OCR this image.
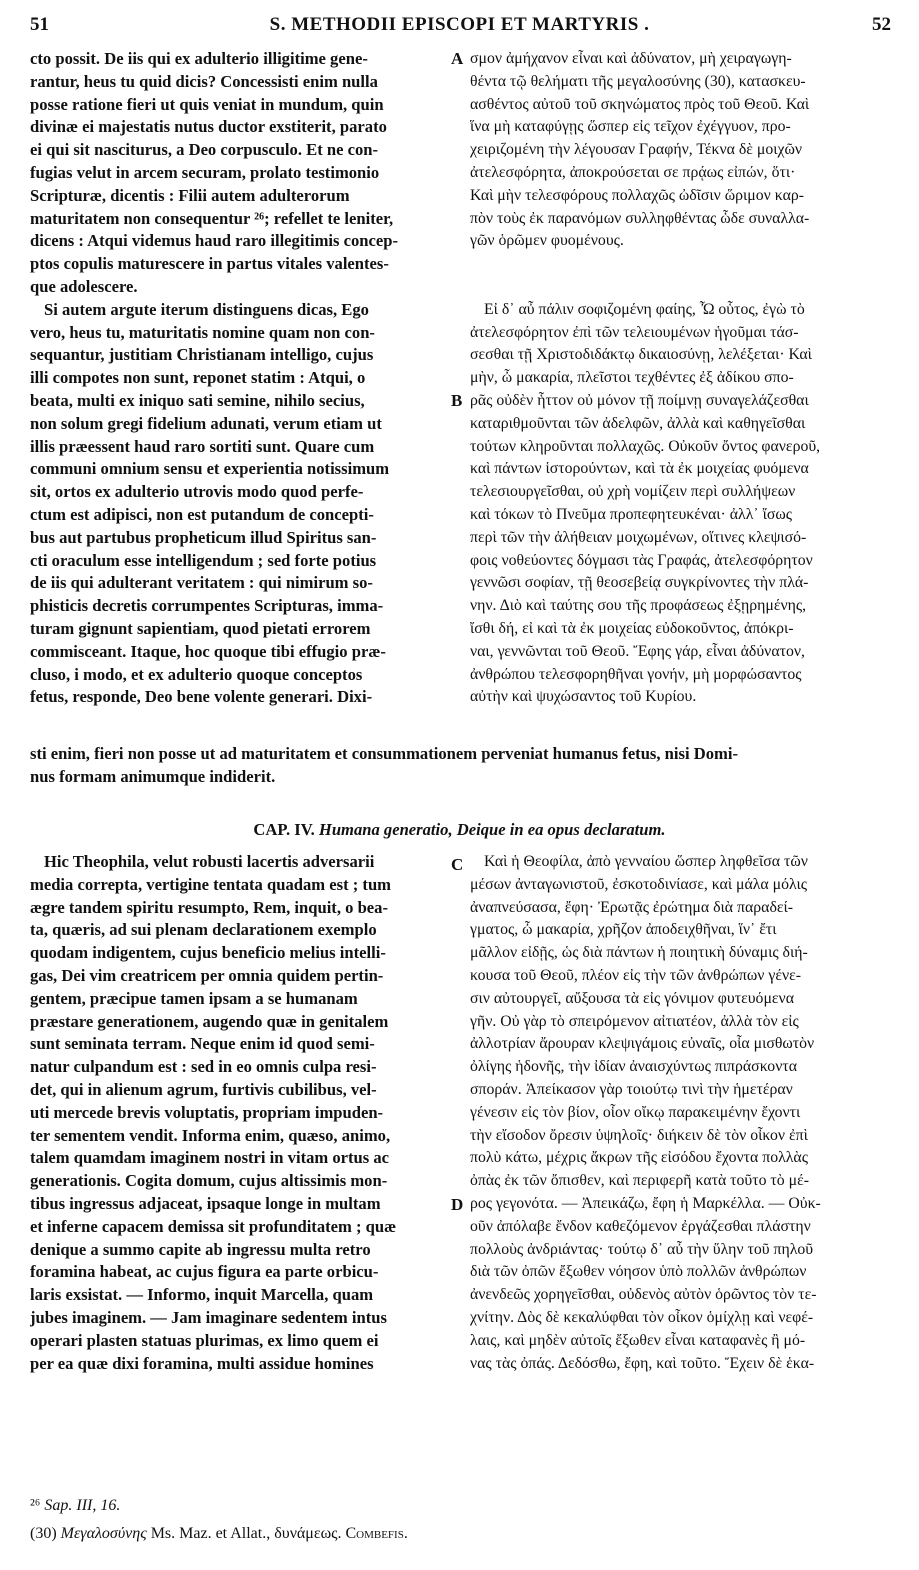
51	S. METHODII EPISCOPI ET MARTYRIS .	52
cto possit. De iis qui ex adulterio illigitime gene-
rantur, heus tu quid dicis? Concessisti enim nulla
posse ratione fieri ut quis veniat in mundum, quin
divinæ ei majestatis nutus ductor exstiterit, parato
ei qui sit nasciturus, a Deo corpusculo. Et ne con-
fugias velut in arcem securam, prolato testimonio
Scripturæ, dicentis : Filii autem adulterorum
maturitatem non consequentur ²⁶; refellet te leniter,
dicens : Atqui videmus haud raro illegitimis concep-
ptos copulis maturescere in partus vitales valentes-
que adolescere.
Si autem argute iterum distinguens dicas, Ego
vero, heus tu, maturitatis nomine quam non con-
sequantur, justitiam Christianam intelligo, cujus
illi compotes non sunt, reponet statim : Atqui, o
beata, multi ex iniquo sati semine, nihilo secius,
non solum gregi fidelium adunati, verum etiam ut
illis præessent haud raro sortiti sunt. Quare cum
communi omnium sensu et experientia notissimum
sit, ortos ex adulterio utrovis modo quod perfe-
ctum est adipisci, non est putandum de concepti-
bus aut partubus propheticum illud Spiritus san-
cti oraculum esse intelligendum ; sed forte potius
de iis qui adulterant veritatem : qui nimirum so-
phisticis decretis corrumpentes Scripturas, imma-
turam gignunt sapientiam, quod pietati errorem
commisceant. Itaque, hoc quoque tibi effugio præ-
cluso, i modo, et ex adulterio quoque conceptos
fetus, responde, Deo bene volente generari. Dixi-
σμον ἀμήχανον εἶναι καὶ ἀδύνατον, μὴ χειραγωγη-
θέντα τῷ θελήματι τῆς μεγαλοσύνης (30), κατασκευ-
ασθέντος αὐτοῦ τοῦ σκηνώματος πρὸς τοῦ Θεοῦ. Καὶ
ἵνα μὴ καταφύγῃς ὥσπερ εἰς τεῖχον ἐχέγγυον, προ-
χειριζομένη τὴν λέγουσαν Γραφήν, Τέκνα δὲ μοιχῶν
ἀτελεσφόρητα, ἀποκρούσεται σε πρᾴως εἰπών, ὅτι·
Καὶ μὴν τελεσφόρους πολλαχῶς ὠδῖσιν ὥριμον καρ-
πὸν τοὺς ἐκ παρανόμων συλληφθέντας ὧδε συναλλα-
γῶν ὁρῶμεν φυομένους.

Εἰ δ᾽ αὖ πάλιν σοφιζομένη φαίης, Ὦ οὗτος, ἐγὼ τὸ
ἀτελεσφόρητον ἐπὶ τῶν τελειουμένων ἡγοῦμαι τάσ-
σεσθαι τῇ Χριστοδιδάκτῳ δικαιοσύνῃ, λελέξεται· Καὶ
μὴν, ὦ μακαρία, πλεῖστοι τεχθέντες ἐξ ἀδίκου σπο-
ρᾶς οὐδὲν ἧττον οὐ μόνον τῇ ποίμνῃ συναγελάζεσθαι
καταριθμοῦνται τῶν ἀδελφῶν, ἀλλὰ καὶ καθηγεῖσθαι
τούτων κληροῦνται πολλαχῶς. Οὐκοῦν ὄντος φανεροῦ,
καὶ πάντων ἱστορούντων, καὶ τὰ ἐκ μοιχείας φυόμενα
τελεσιουργεῖσθαι, οὐ χρὴ νομίζειν περὶ συλλήψεων
καὶ τόκων τὸ Πνεῦμα προπεφητευκέναι· ἀλλ᾽ ἴσως
περὶ τῶν τὴν ἀλήθειαν μοιχωμένων, οἵτινες κλεψισό-
φοις νοθεύοντες δόγμασι τὰς Γραφάς, ἀτελεσφόρητον
γεννῶσι σοφίαν, τῇ θεοσεβείᾳ συγκρίνοντες τὴν πλά-
νην. Διὸ καὶ ταύτης σου τῆς προφάσεως ἐξῃρημένης,
ἴσθι δή, εἰ καὶ τὰ ἐκ μοιχείας εὐδοκοῦντος, ἀπόκρι-
ναι, γεννῶνται τοῦ Θεοῦ. Ἔφης γάρ, εἶναι ἀδύνατον,
ἀνθρώπου τελεσφορηθῆναι γονήν, μὴ μορφώσαντος
αὐτὴν καὶ ψυχώσαντος τοῦ Κυρίου.
A
B
sti enim, fieri non posse ut ad maturitatem et consummationem perveniat humanus fetus, nisi Domi-
nus formam animumque indiderit.
CAP. IV. Humana generatio, Deique in ea opus declaratum.
Hic Theophila, velut robusti lacertis adversarii
media correpta, vertigine tentata quadam est ; tum
ægre tandem spiritu resumpto, Rem, inquit, o bea-
ta, quæris, ad sui plenam declarationem exemplo
quodam indigentem, cujus beneficio melius intelli-
gas, Dei vim creatricem per omnia quidem pertin-
gentem, præcipue tamen ipsam a se humanam
præstare generationem, augendo quæ in genitalem
sunt seminata terram. Neque enim id quod semi-
natur culpandum est : sed in eo omnis culpa resi-
det, qui in alienum agrum, furtivis cubilibus, vel-
uti mercede brevis voluptatis, propriam impuden-
ter sementem vendit. Informa enim, quæso, animo,
talem quamdam imaginem nostri in vitam ortus ac
generationis. Cogita domum, cujus altissimis mon-
tibus ingressus adjaceat, ipsaque longe in multam
et inferne capacem demissa sit profunditatem ; quæ
denique a summo capite ab ingressu multa retro
foramina habeat, ac cujus figura ea parte orbicu-
laris exsistat. — Informo, inquit Marcella, quam
jubes imaginem. — Jam imaginare sedentem intus
operari plasten statuas plurimas, ex limo quem ei
per ea quæ dixi foramina, multi assidue homines
Καὶ ἡ Θεοφίλα, ἀπὸ γενναίου ὥσπερ ληφθεῖσα τῶν
μέσων ἀνταγωνιστοῦ, ἐσκοτοδινίασε, καὶ μάλα μόλις
ἀναπνεύσασα, ἔφη· Ἐρωτᾷς ἐρώτημα διὰ παραδεί-
γματος, ὦ μακαρία, χρῆζον ἀποδειχθῆναι, ἵν᾽ ἔτι
μᾶλλον εἰδῇς, ὡς διὰ πάντων ἡ ποιητικὴ δύναμις διή-
κουσα τοῦ Θεοῦ, πλέον εἰς τὴν τῶν ἀνθρώπων γένε-
σιν αὐτουργεῖ, αὔξουσα τὰ εἰς γόνιμον φυτευόμενα
γῆν. Οὐ γὰρ τὸ σπειρόμενον αἰτιατέον, ἀλλὰ τὸν εἰς
ἀλλοτρίαν ἄρουραν κλεψιγάμοις εὐναῖς, οἷα μισθωτὸν
ὀλίγης ἡδονῆς, τὴν ἰδίαν ἀναισχύντως πιπράσκοντα
σποράν. Ἀπείκασον γὰρ τοιούτῳ τινὶ τὴν ἡμετέραν
γένεσιν εἰς τὸν βίον, οἷον οἴκῳ παρακειμένην ἔχοντι
τὴν εἴσοδον ὄρεσιν ὑψηλοῖς· διήκειν δὲ τὸν οἶκον ἐπὶ
πολὺ κάτω, μέχρις ἄκρων τῆς εἰσόδου ἔχοντα πολλὰς
ὀπὰς ἐκ τῶν ὄπισθεν, καὶ περιφερῆ κατὰ τοῦτο τὸ μέ-
ρος γεγονότα. — Ἀπεικάζω, ἔφη ἡ Μαρκέλλα. — Οὐκ-
οῦν ἀπόλαβε ἔνδον καθεζόμενον ἐργάζεσθαι πλάστην
πολλοὺς ἀνδριάντας· τούτῳ δ᾽ αὖ τὴν ὕλην τοῦ πηλοῦ
διὰ τῶν ὀπῶν ἔξωθεν νόησον ὑπὸ πολλῶν ἀνθρώπων
ἀνενδεῶς χορηγεῖσθαι, οὐδενὸς αὐτὸν ὁρῶντος τὸν τε-
χνίτην. Δὸς δὲ κεκαλύφθαι τὸν οἶκον ὁμίχλῃ καὶ νεφέ-
λαις, καὶ μηδὲν αὐτοῖς ἔξωθεν εἶναι καταφανὲς ἢ μό-
νας τὰς ὀπάς. Δεδόσθω, ἔφη, καὶ τοῦτο. Ἔχειν δὲ ἑκα-
C
D
²⁶ Sap. III, 16.
(30) Μεγαλοσύνης Ms. Maz. et Allat., δυνάμεως. Combefis.
